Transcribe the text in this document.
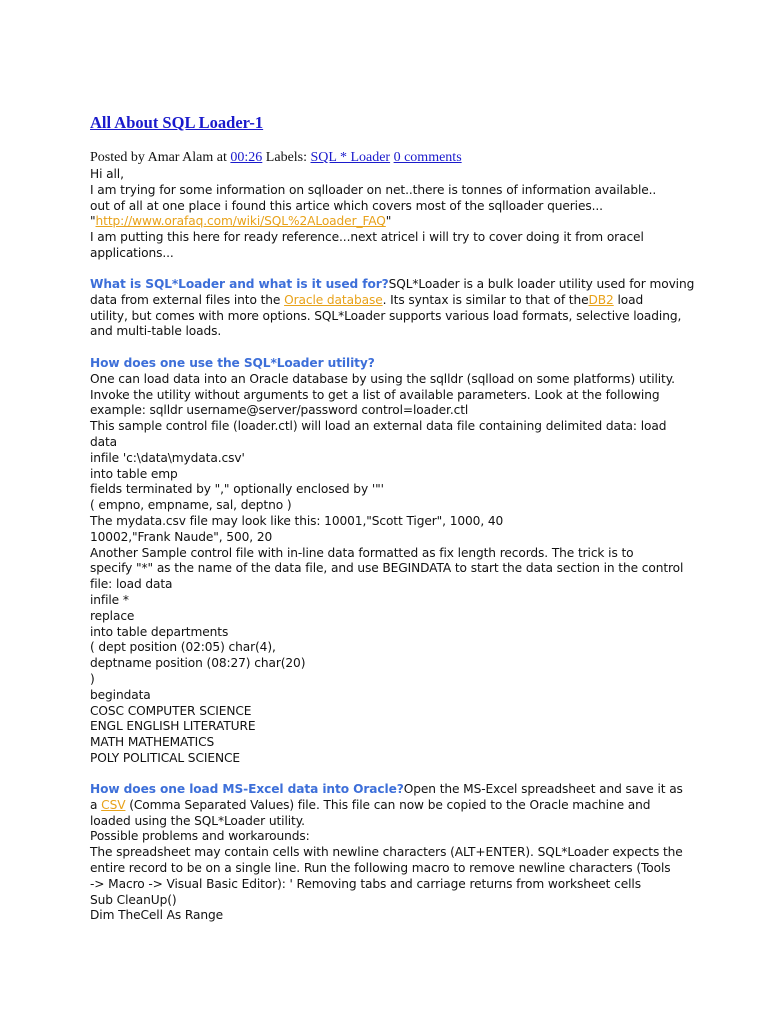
All About SQL Loader-1
Posted by Amar Alam at 00:26 Labels: SQL * Loader 0 comments
Hi all,
I am trying for some information on sqlloader on net..there is tonnes of information available..
out of all at one place i found this artice which covers most of the sqlloader queries...
"http://www.orafaq.com/wiki/SQL%2ALoader_FAQ"
I am putting this here for ready reference...next atricel i will try to cover doing it from oracel
applications...
What is SQL*Loader and what is it used for?SQL*Loader is a bulk loader utility used for moving
data from external files into the Oracle database. Its syntax is similar to that of theDB2 load
utility, but comes with more options. SQL*Loader supports various load formats, selective loading,
and multi-table loads.
How does one use the SQL*Loader utility?
One can load data into an Oracle database by using the sqlldr (sqlload on some platforms) utility.
Invoke the utility without arguments to get a list of available parameters. Look at the following
example: sqlldr username@server/password control=loader.ctl
This sample control file (loader.ctl) will load an external data file containing delimited data: load
data
infile 'c:\data\mydata.csv'
into table emp
fields terminated by "," optionally enclosed by '"'
( empno, empname, sal, deptno )
The mydata.csv file may look like this: 10001,"Scott Tiger", 1000, 40
10002,"Frank Naude", 500, 20
Another Sample control file with in-line data formatted as fix length records. The trick is to
specify "*" as the name of the data file, and use BEGINDATA to start the data section in the control
file: load data
infile *
replace
into table departments
( dept position (02:05) char(4),
deptname position (08:27) char(20)
)
begindata
COSC COMPUTER SCIENCE
ENGL ENGLISH LITERATURE
MATH MATHEMATICS
POLY POLITICAL SCIENCE
How does one load MS-Excel data into Oracle?Open the MS-Excel spreadsheet and save it as
a CSV (Comma Separated Values) file. This file can now be copied to the Oracle machine and
loaded using the SQL*Loader utility.
Possible problems and workarounds:
The spreadsheet may contain cells with newline characters (ALT+ENTER). SQL*Loader expects the
entire record to be on a single line. Run the following macro to remove newline characters (Tools
-> Macro -> Visual Basic Editor): ' Removing tabs and carriage returns from worksheet cells
Sub CleanUp()
Dim TheCell As Range
